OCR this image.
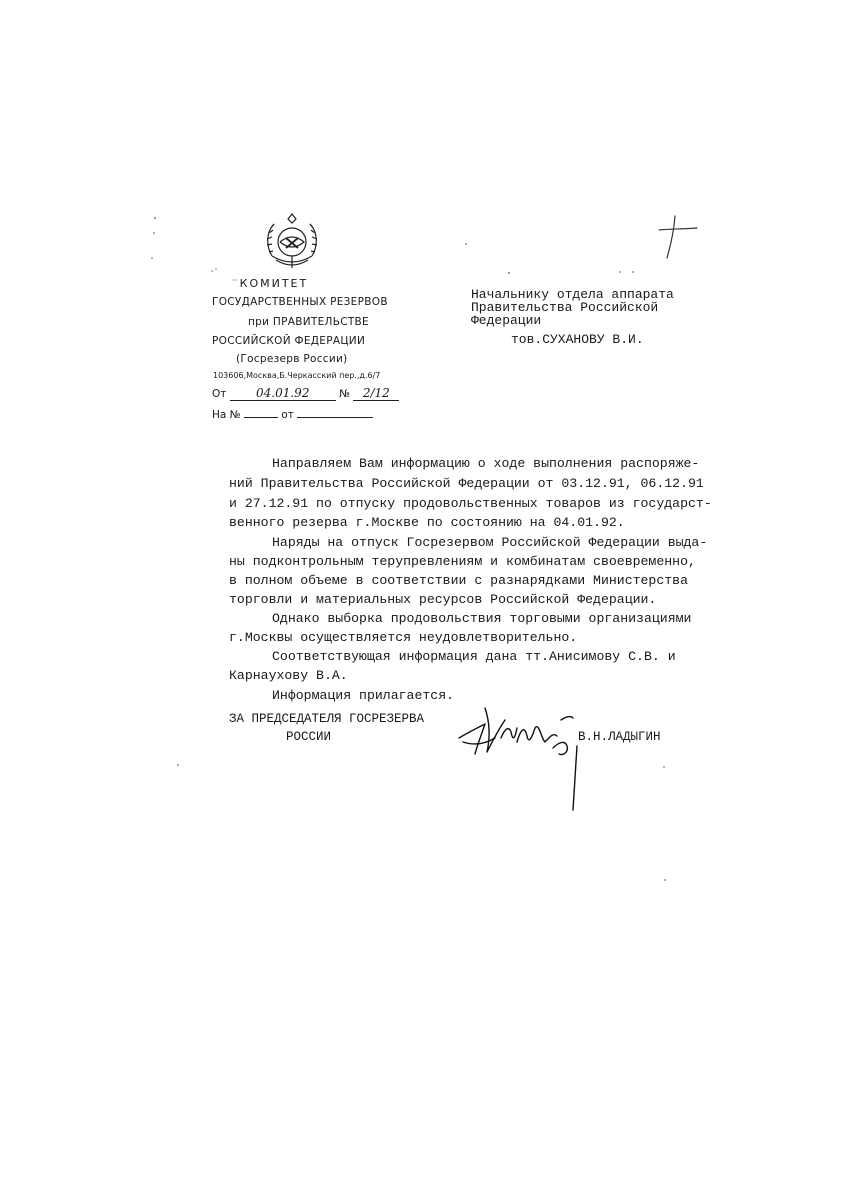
·· КОМИТЕТ
ГОСУДАРСТВЕННЫХ РЕЗЕРВОВ
при ПРАВИТЕЛЬСТВЕ
РОССИЙСКОЙ ФЕДЕРАЦИИ
(Госрезерв России)
103606,Москва,Б.Черкасский пер.,д.6/7
От 04.01.92	№ 2/12
На №	от
Начальнику отдела аппарата
Правительства Российской
Федерации
тов.СУХАНОВУ В.И.
Направляем Вам информацию о ходе выполнения распоряже-
ний Правительства Российской Федерации от 03.12.91, 06.12.91
и 27.12.91 по отпуску продовольственных товаров из государст-
венного резерва г.Москве по состоянию на 04.01.92.
Наряды на отпуск Госрезервом Российской Федерации выда-
ны подконтрольным терупревлениям и комбинатам своевременно,
в полном объеме в соответствии с разнарядками Министерства
торговли и материальных ресурсов Российской Федерации.
Однако выборка продовольствия торговыми организациями
г.Москвы осуществляется неудовлетворительно.
Соответствующая информация дана тт.Анисимову С.В. и
Карнаухову В.А.
Информация прилагается.
ЗА ПРЕДСЕДАТЕЛЯ ГОСРЕЗЕРВА
РОССИИ	В.Н.ЛАДЫГИН
